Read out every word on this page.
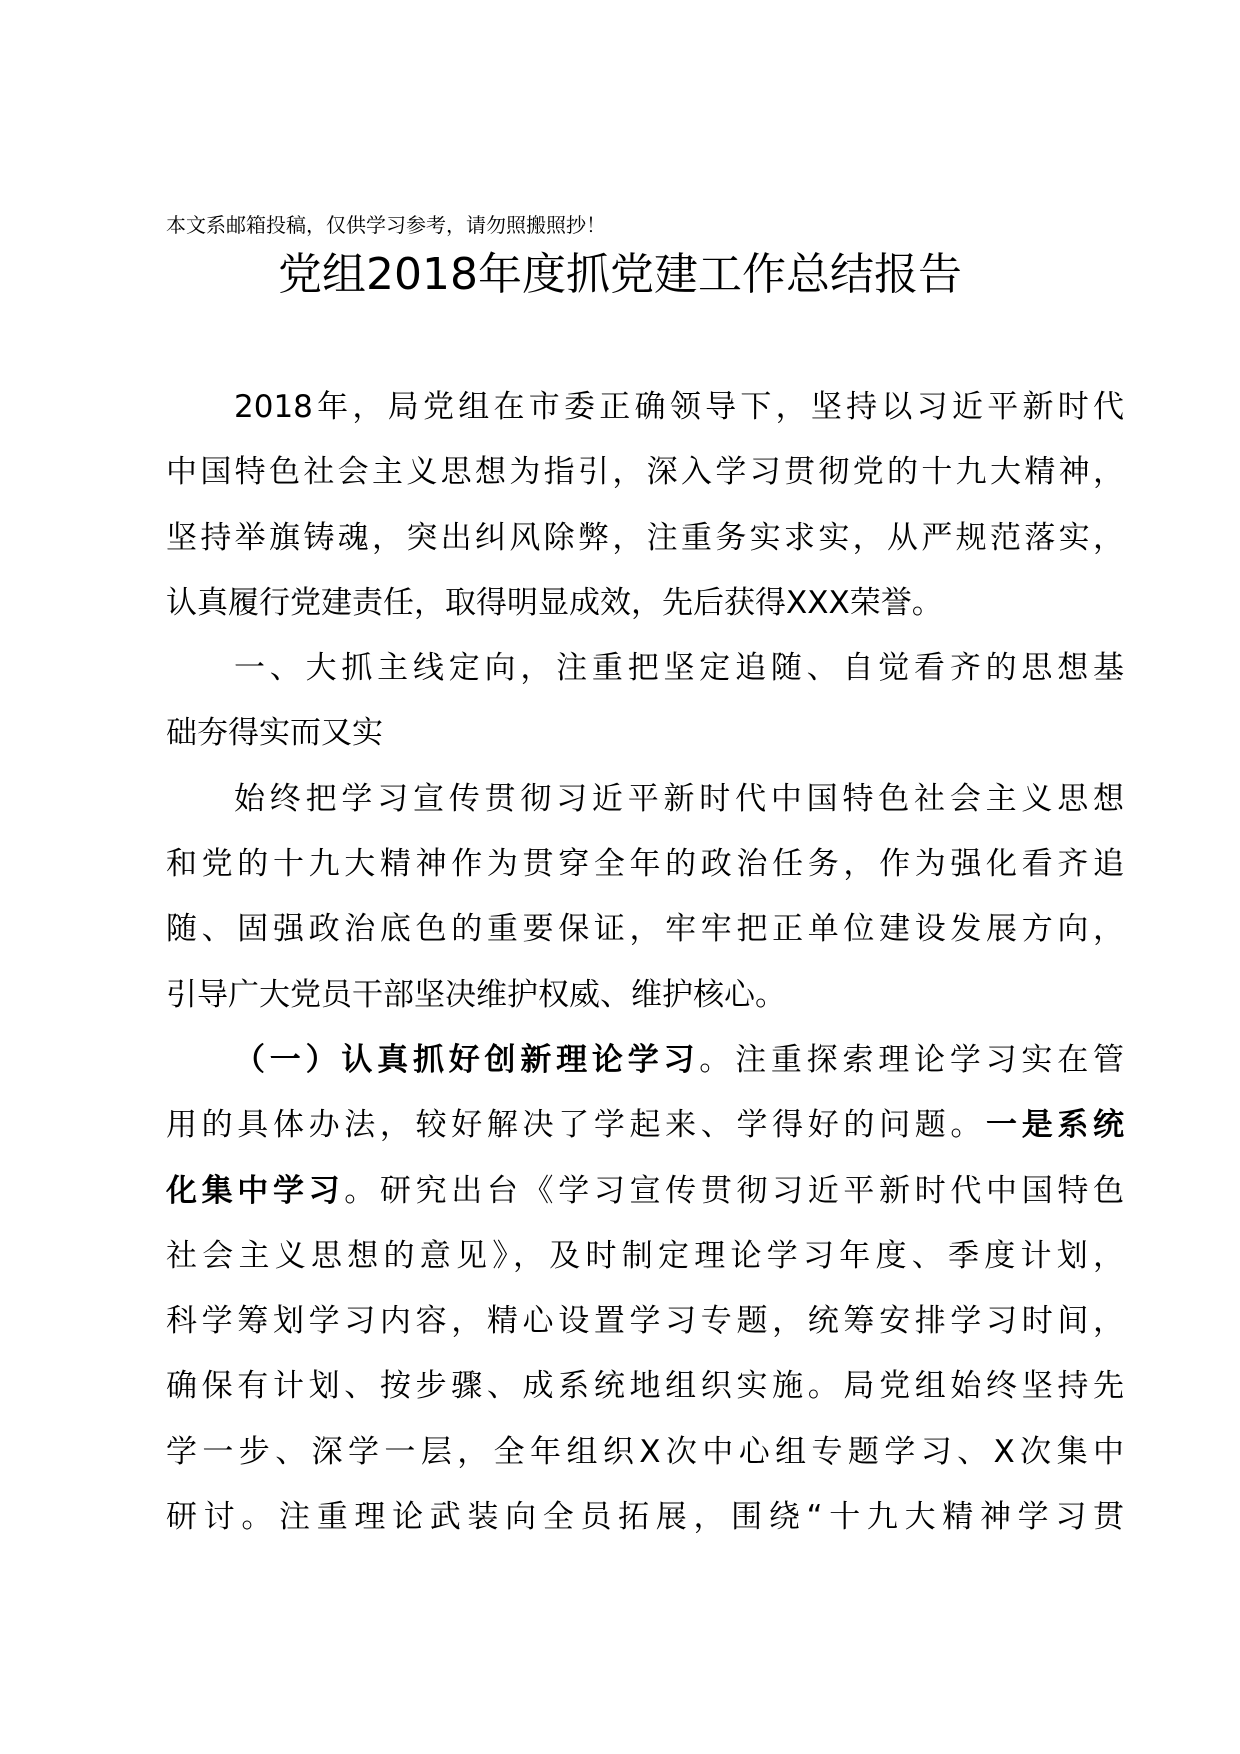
本文系邮箱投稿，仅供学习参考，请勿照搬照抄！
党组2018年度抓党建工作总结报告
2018年，局党组在市委正确领导下，坚持以习近平新时代
中国特色社会主义思想为指引，深入学习贯彻党的十九大精神，
坚持举旗铸魂，突出纠风除弊，注重务实求实，从严规范落实，
认真履行党建责任，取得明显成效，先后获得XXX荣誉。
一、大抓主线定向，注重把坚定追随、自觉看齐的思想基
础夯得实而又实
始终把学习宣传贯彻习近平新时代中国特色社会主义思想
和党的十九大精神作为贯穿全年的政治任务，作为强化看齐追
随、固强政治底色的重要保证，牢牢把正单位建设发展方向，
引导广大党员干部坚决维护权威、维护核心。
（一）认真抓好创新理论学习。注重探索理论学习实在管
用的具体办法，较好解决了学起来、学得好的问题。一是系统
化集中学习。研究出台《学习宣传贯彻习近平新时代中国特色
社会主义思想的意见》，及时制定理论学习年度、季度计划，
科学筹划学习内容，精心设置学习专题，统筹安排学习时间，
确保有计划、按步骤、成系统地组织实施。局党组始终坚持先
学一步、深学一层，全年组织X次中心组专题学习、X次集中
研讨。注重理论武装向全员拓展，围绕“十九大精神学习贯
